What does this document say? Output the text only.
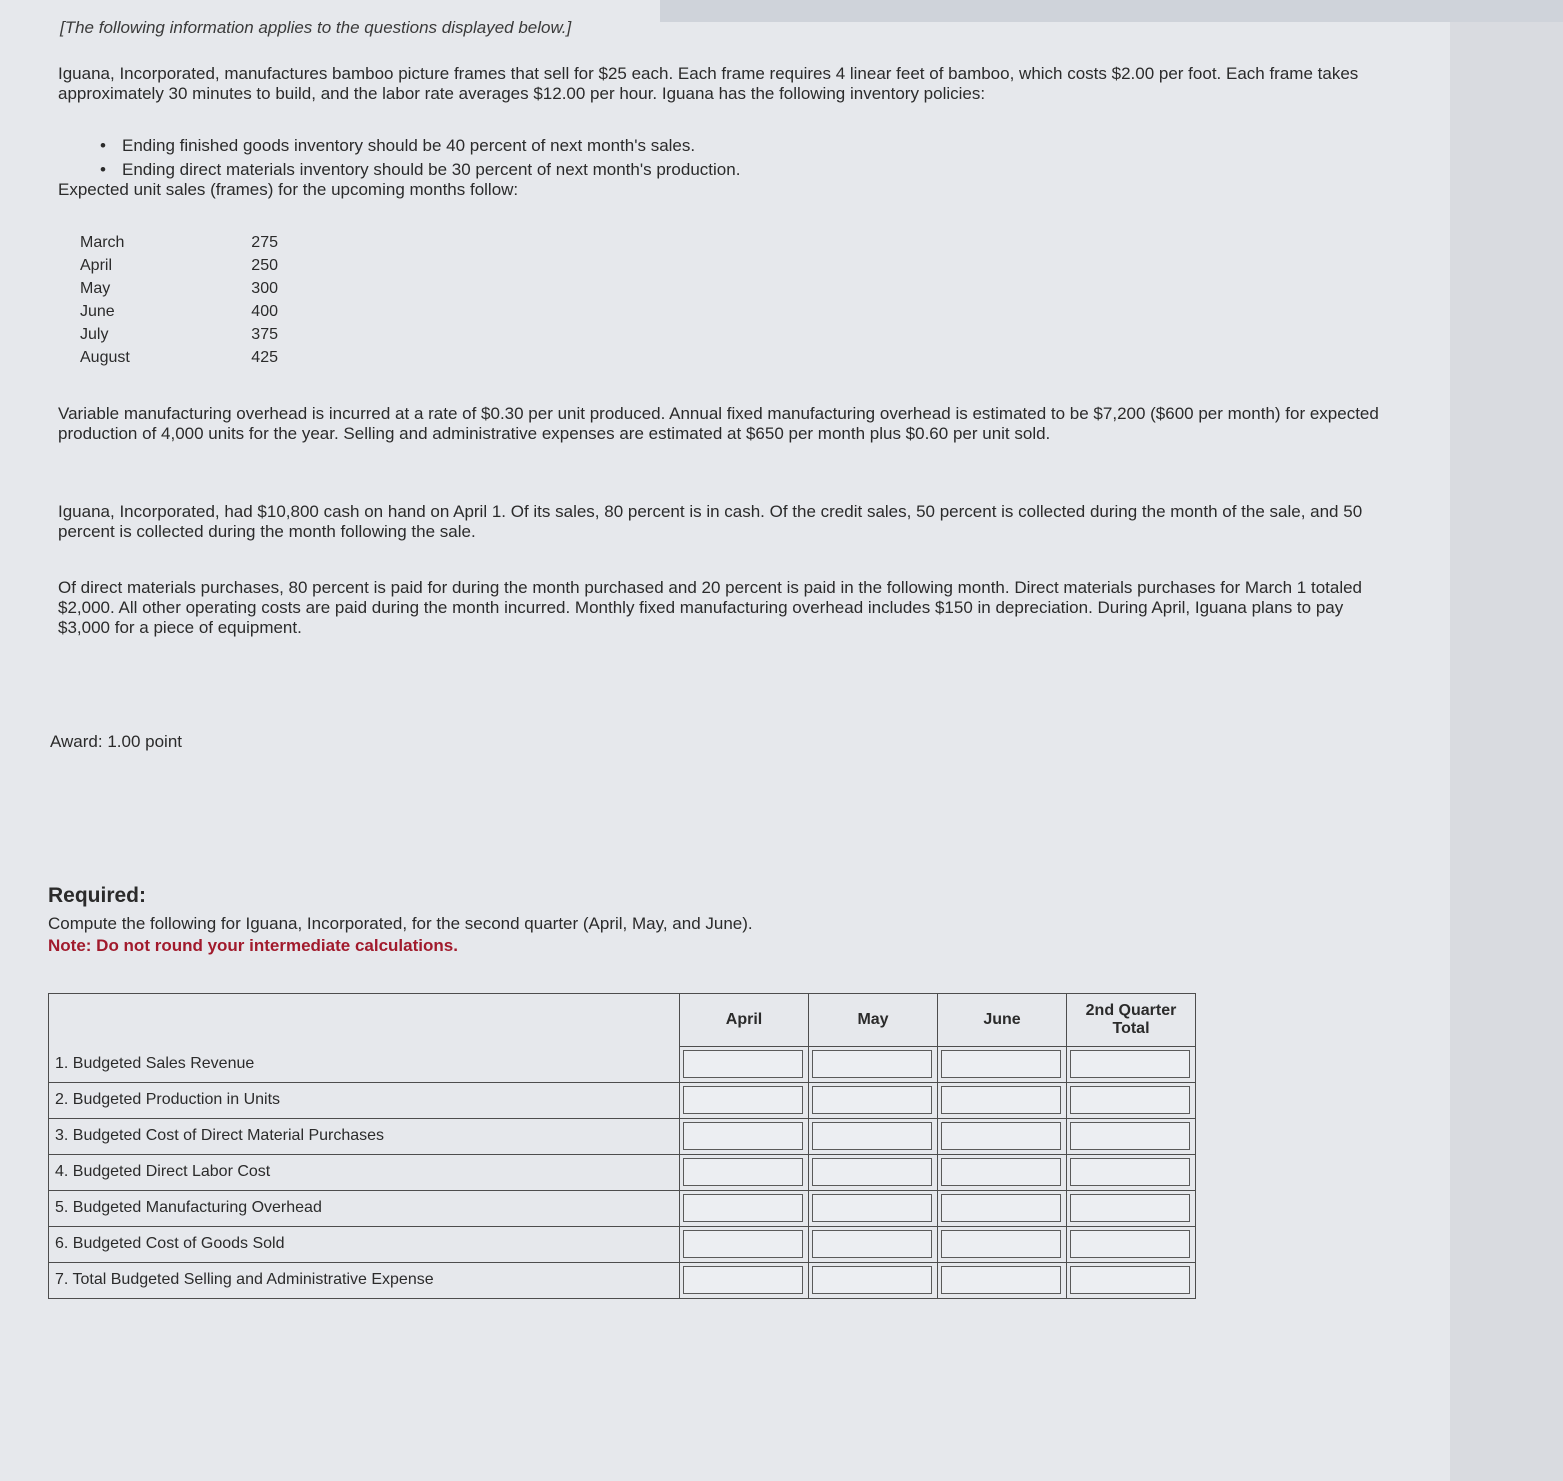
[The following information applies to the questions displayed below.]
Iguana, Incorporated, manufactures bamboo picture frames that sell for $25 each. Each frame requires 4 linear feet of bamboo, which costs $2.00 per foot. Each frame takes approximately 30 minutes to build, and the labor rate averages $12.00 per hour. Iguana has the following inventory policies:
• Ending finished goods inventory should be 40 percent of next month's sales.
• Ending direct materials inventory should be 30 percent of next month's production.
Expected unit sales (frames) for the upcoming months follow:
March	275
April	250
May	300
June	400
July	375
August	425
Variable manufacturing overhead is incurred at a rate of $0.30 per unit produced. Annual fixed manufacturing overhead is estimated to be $7,200 ($600 per month) for expected production of 4,000 units for the year. Selling and administrative expenses are estimated at $650 per month plus $0.60 per unit sold.
Iguana, Incorporated, had $10,800 cash on hand on April 1. Of its sales, 80 percent is in cash. Of the credit sales, 50 percent is collected during the month of the sale, and 50 percent is collected during the month following the sale.
Of direct materials purchases, 80 percent is paid for during the month purchased and 20 percent is paid in the following month. Direct materials purchases for March 1 totaled $2,000. All other operating costs are paid during the month incurred. Monthly fixed manufacturing overhead includes $150 in depreciation. During April, Iguana plans to pay $3,000 for a piece of equipment.
Award: 1.00 point
Required:
Compute the following for Iguana, Incorporated, for the second quarter (April, May, and June).
Note: Do not round your intermediate calculations.
	April	May	June	2nd Quarter Total
1. Budgeted Sales Revenue	

2. Budgeted Production in Units	

3. Budgeted Cost of Direct Material Purchases	

4. Budgeted Direct Labor Cost	

5. Budgeted Manufacturing Overhead	

6. Budgeted Cost of Goods Sold	

7. Total Budgeted Selling and Administrative Expense	
